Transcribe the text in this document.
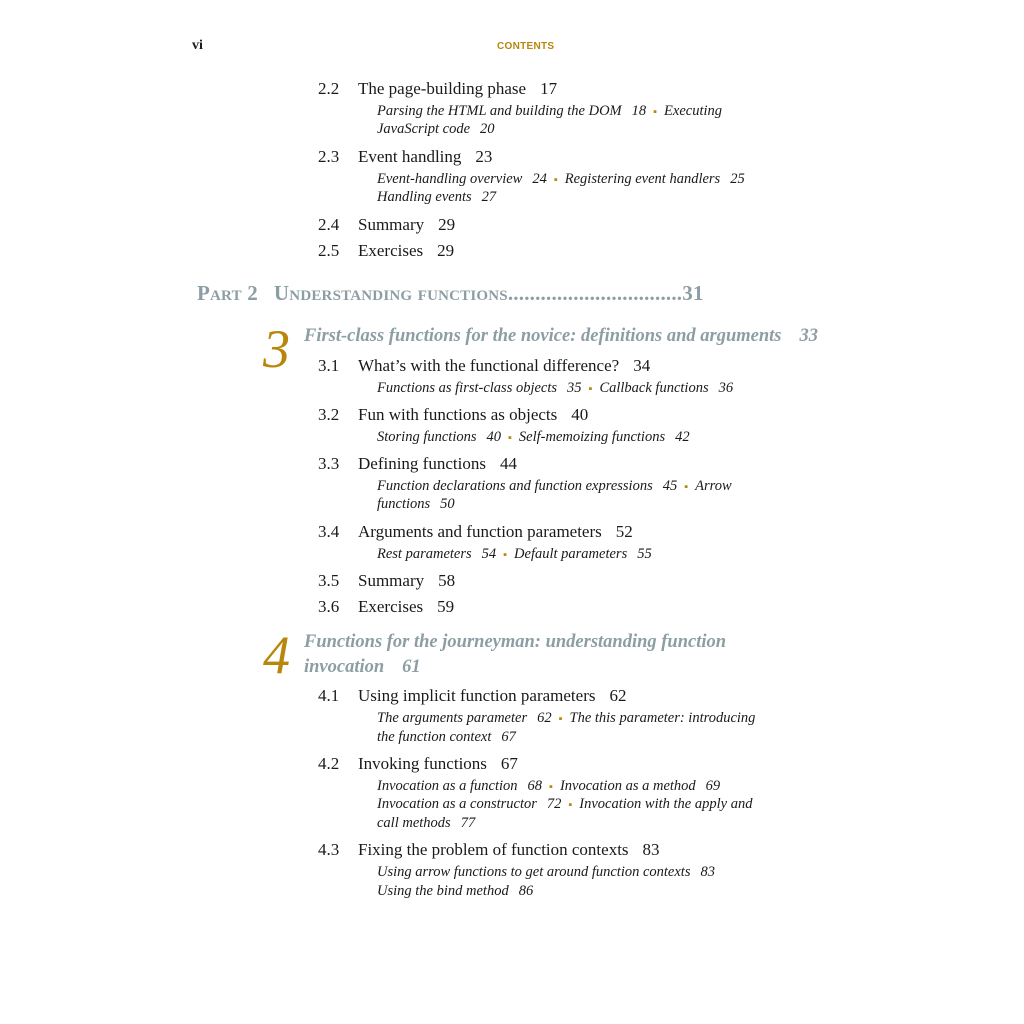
vi	CONTENTS
2.2 The page-building phase 17
Parsing the HTML and building the DOM 18 ▪ Executing
JavaScript code 20
2.3 Event handling 23
Event-handling overview 24 ▪ Registering event handlers 25
Handling events 27
2.4 Summary 29
2.5 Exercises 29
Part 2 Understanding functions................................31
3 First-class functions for the novice: definitions and arguments 33
3.1 What’s with the functional difference? 34
Functions as first-class objects 35 ▪ Callback functions 36
3.2 Fun with functions as objects 40
Storing functions 40 ▪ Self-memoizing functions 42
3.3 Defining functions 44
Function declarations and function expressions 45 ▪ Arrow
functions 50
3.4 Arguments and function parameters 52
Rest parameters 54 ▪ Default parameters 55
3.5 Summary 58
3.6 Exercises 59
4 Functions for the journeyman: understanding function
invocation 61
4.1 Using implicit function parameters 62
The arguments parameter 62 ▪ The this parameter: introducing
the function context 67
4.2 Invoking functions 67
Invocation as a function 68 ▪ Invocation as a method 69
Invocation as a constructor 72 ▪ Invocation with the apply and
call methods 77
4.3 Fixing the problem of function contexts 83
Using arrow functions to get around function contexts 83
Using the bind method 86
